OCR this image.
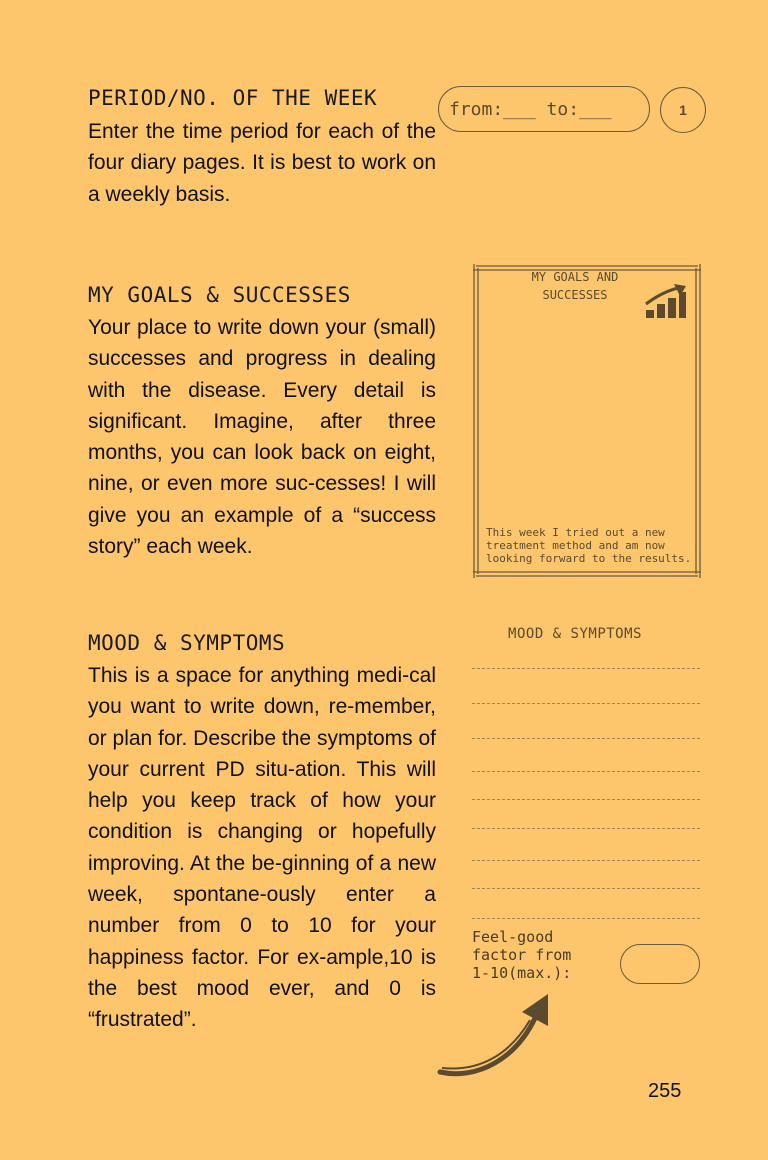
PERIOD/NO. OF THE WEEK

Enter the time period for each of the four diary pages. It is best to work on a weekly basis.

from:___ to:___	1
MY GOALS & SUCCESSES

Your place to write down your (small) successes and progress in dealing with the disease. Every detail is significant. Imagine, after three months, you can look back on eight, nine, or even more suc-cesses! I will give you an example of a “success story” each week.

MY GOALS AND
SUCCESSES
This week I tried out a new
treatment method and am now
looking forward to the results.
MOOD & SYMPTOMS

This is a space for anything medi-cal you want to write down, re-member, or plan for. Describe the symptoms of your current PD situ-ation. This will help you keep track of how your condition is changing or hopefully improving. At the be-ginning of a new week, spontane-ously enter a number from 0 to 10 for your happiness factor. For ex-ample,10 is the best mood ever, and 0 is “frustrated”.

MOOD & SYMPTOMS
Feel-good
factor from
1-10(max.):
255
